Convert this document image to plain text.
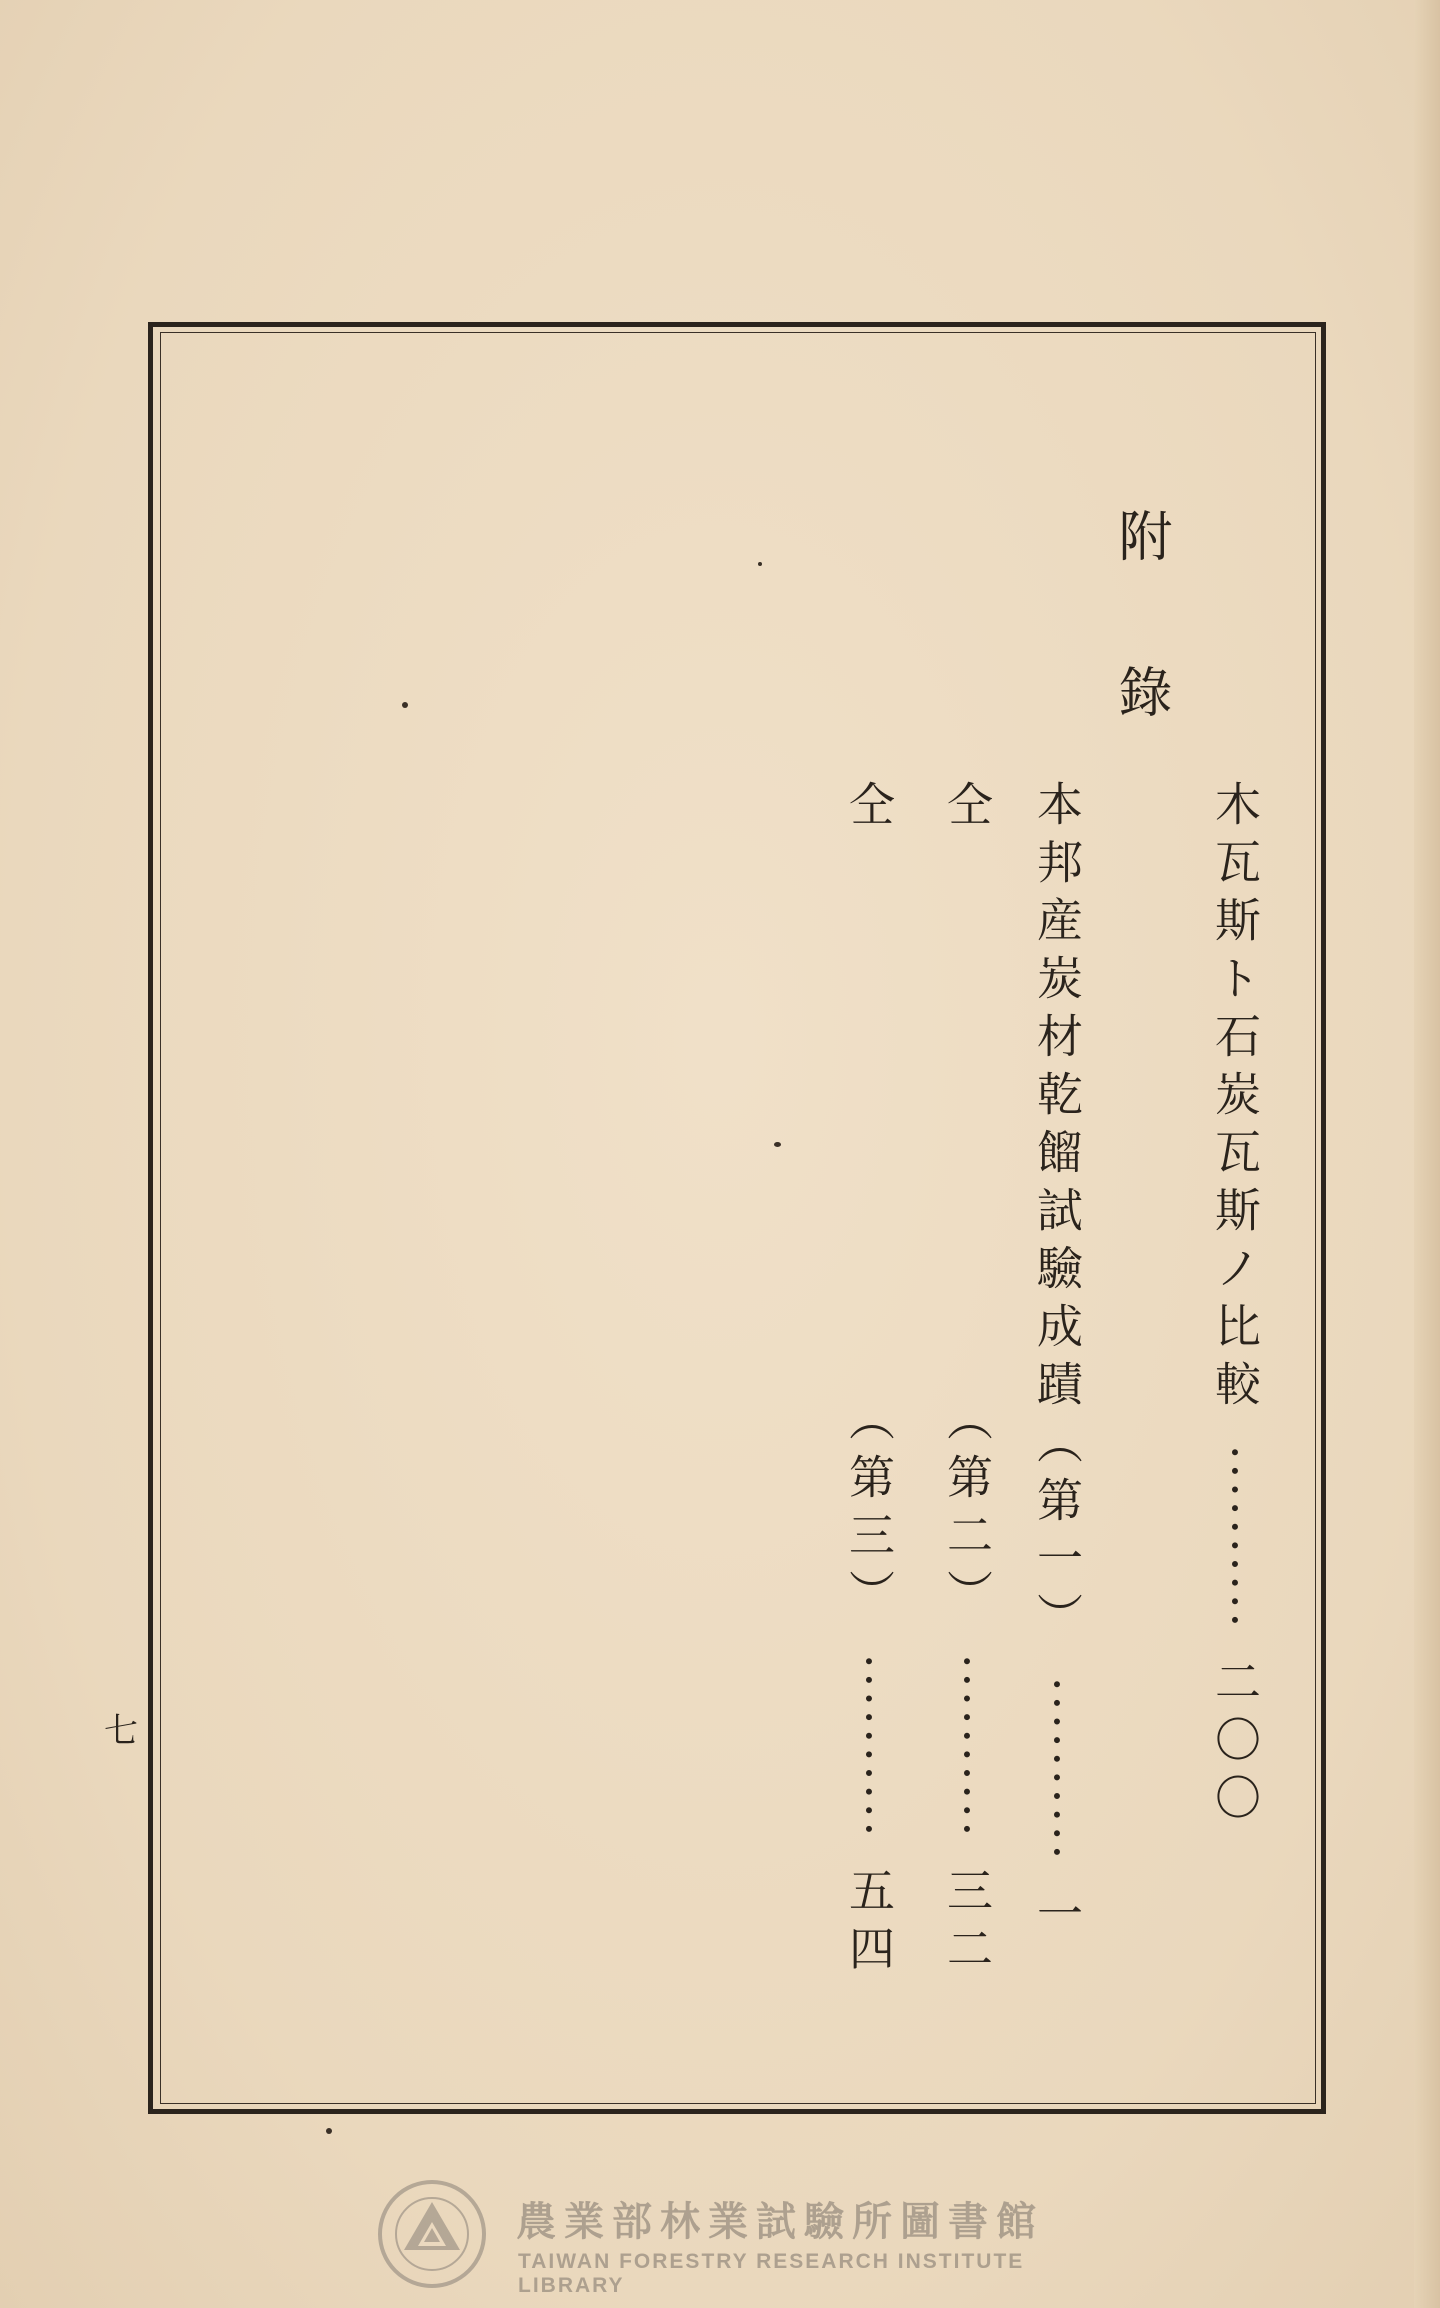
附
錄
木瓦斯ト石炭瓦斯ノ比較 ·········· 二〇〇
本邦産炭材乾餾試驗成蹟（第一） ·········· 一
仝　　　　　　　　　　（第二） ·········· 三二
仝　　　　　　　　　　（第三） ·········· 五四
七
農業部林業試驗所圖書館
TAIWAN FORESTRY RESEARCH INSTITUTE LIBRARY
